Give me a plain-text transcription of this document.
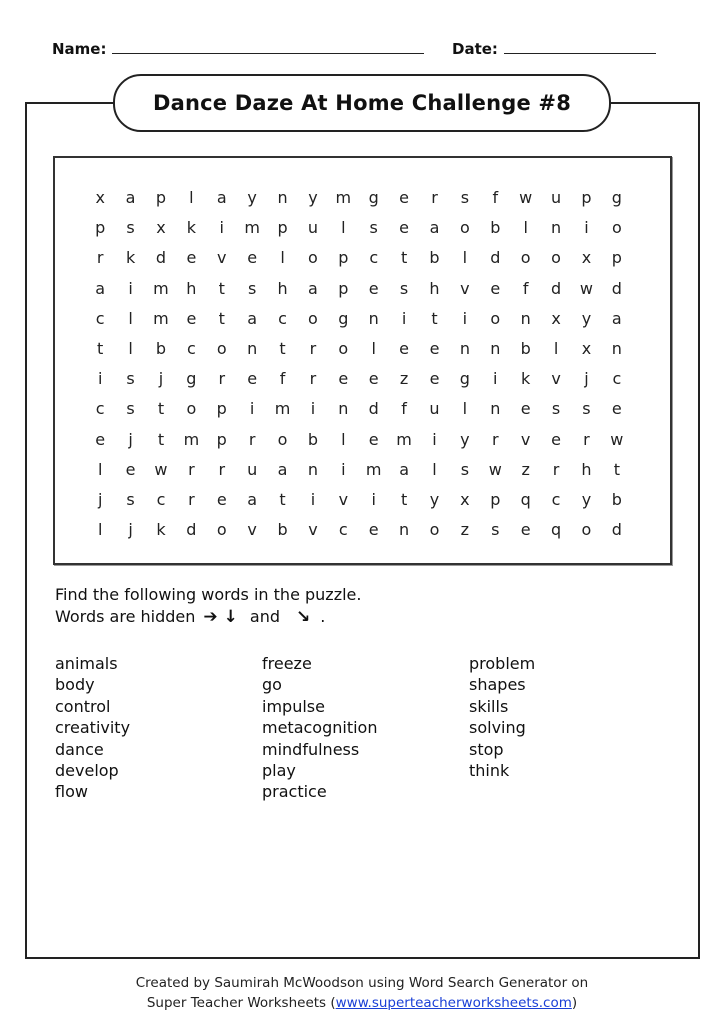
Name:	Date:
Dance Daze At Home Challenge #8
x	a	p	l	a	y	n	y	m	g	e	r	s	f	w	u	p	g
p	s	x	k	i	m	p	u	l	s	e	a	o	b	l	n	i	o
r	k	d	e	v	e	l	o	p	c	t	b	l	d	o	o	x	p
a	i	m	h	t	s	h	a	p	e	s	h	v	e	f	d	w	d
c	l	m	e	t	a	c	o	g	n	i	t	i	o	n	x	y	a
t	l	b	c	o	n	t	r	o	l	e	e	n	n	b	l	x	n
i	s	j	g	r	e	f	r	e	e	z	e	g	i	k	v	j	c
c	s	t	o	p	i	m	i	n	d	f	u	l	n	e	s	s	e
e	j	t	m	p	r	o	b	l	e	m	i	y	r	v	e	r	w
l	e	w	r	r	u	a	n	i	m	a	l	s	w	z	r	h	t
j	s	c	r	e	a	t	i	v	i	t	y	x	p	q	c	y	b
l	j	k	d	o	v	b	v	c	e	n	o	z	s	e	q	o	d
Find the following words in the puzzle.
Words are hidden ➔ ↓ and ↘ .
animals
body
control
creativity
dance
develop
flow
freeze
go
impulse
metacognition
mindfulness
play
practice
problem
shapes
skills
solving
stop
think
Created by Saumirah McWoodson using Word Search Generator on
Super Teacher Worksheets (www.superteacherworksheets.com)
